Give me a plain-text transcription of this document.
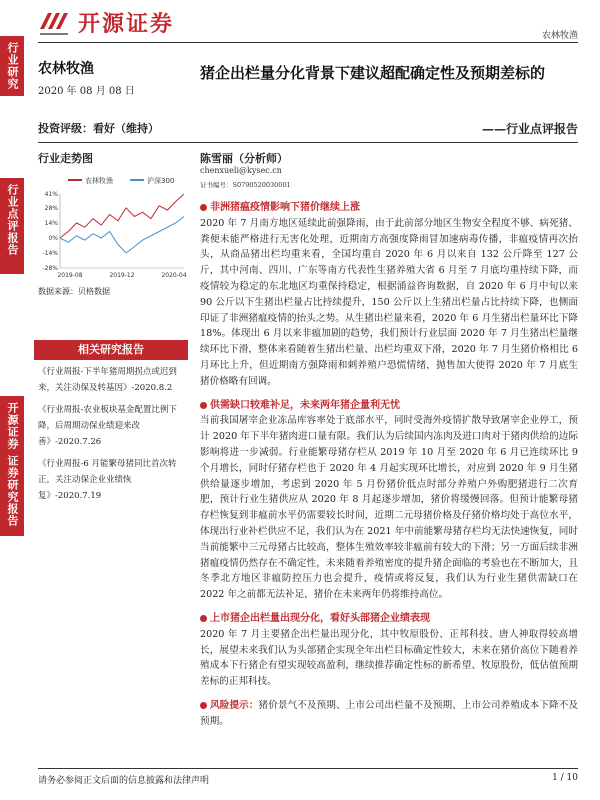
行业研究
行业点评报告
开源证券 证券研究报告
开源证券	农林牧渔
农林牧渔
2020 年 08 月 08 日
投资评级：看好（维持）
行业走势图
农林牧渔	沪深300
41%
28%
14%
0%
-14%
-28%
2019-08	2019-12	2020-04
数据来源：贝格数据
相关研究报告

《行业周报-下半年猪周期拐点或迟到来，关注动保及转基因》-2020.8.2

《行业周报-农业板块基金配置比例下降，后周期动保业绩迎来改善》-2020.7.26

《行业周报-6 月能繁母猪同比首次转正，关注动保企业业绩恢复》-2020.7.19

猪企出栏量分化背景下建议超配确定性及预期差标的
——行业点评报告
陈雪丽（分析师）
chenxueli@kysec.cn
证书编号：S0790520030001
非洲猪瘟疫情影响下猪价继续上涨

2020 年 7 月南方地区延续此前强降雨，由于此前部分地区生物安全程度不够、病死猪、粪便未能严格进行无害化处理，近期南方高强度降雨冒加速病毒传播，非瘟疫情再次抬头，从商品猪出栏均重来看，全国均重自 2020 年 6 月以来自 132 公斤降至 127 公斤，其中河南、四川、广东等南方代表性生猪养殖大省 6 月至 7 月底均重持续下降，而疫情较为稳定的东北地区均重保持稳定，根据涌益咨询数据，自 2020 年 6 月中旬以来 90 公斤以下生猪出栏量占比持续提升，150 公斤以上生猪出栏量占比持续下降，也侧面印证了非洲猪瘟疫情的抬头之势。从生猪出栏量来看，2020 年 6 月生猪出栏量环比下降 18%。体现出 6 月以来非瘟加剧的趋势，我们预计行业层面 2020 年 7 月生猪出栏量继续环比下滑，整体来看随着生猪出栏量、出栏均重双下滑，2020 年 7 月生猪价格相比 6 月环比上升，但近期南方强降雨和刺养殖户恐慌情绪，抛售加大使得 2020 年 7 月底生猪价格略有回调。

供需缺口较难补足，未来两年猪企量利无忧

当前我国屠宰企业冻品库容率处于底部水平，同时受海外疫情扩散导致屠宰企业停工，预计 2020 年下半年猪肉进口量有限。我们认为后续国内冻肉及进口肉对于猪肉供给的边际影响将进一步减弱。行业能繁母猪存栏从 2019 年 10 月至 2020 年 6 月已连续环比 9 个月增长，同时仔猪存栏也于 2020 年 4 月起实现环比增长，对应到 2020 年 9 月生猪供给量逐步增加，考虑到 2020 年 5 月份猪价低点时部分养殖户外购肥猪进行二次育肥，预计行业生猪供应从 2020 年 8 月起逐步增加，猪价将缓慢回落。但预计能繁母猪存栏恢复到非瘟前水平仍需要较长时间，近期二元母猪价格及仔猪价格均处于高位水平，体现出行业补栏供应不足，我们认为在 2021 年中前能繁母猪存栏均无法快速恢复，同时当前能繁中三元母猪占比较高，整体生殖效率较非瘟前有较大的下滑；另一方面后续非洲猪瘟疫情仍然存在不确定性，未来随着养殖密度的提升猪企面临的考验也在不断加大，且冬季北方地区非瘟防控压力也会提升，疫情或将反复，我们认为行业生猪供需缺口在 2022 年之前都无法补足，猪价在未来两年仍将维持高位。

上市猪企出栏量出现分化，看好头部猪企业绩表现

2020 年 7 月主要猪企出栏量出现分化，其中牧原股份、正邦科技、唐人神取得较高增长，展望未来我们认为头部猪企实现全年出栏目标确定性较大，未来在猪价高位下随着养殖成本下行猪企有望实现较高盈利，继续推荐确定性标的新希望、牧原股份，低估值预期差标的正邦科技。

风险提示：猪价景气不及预期、上市公司出栏量不及预期、上市公司养殖成本下降不及预期。

请务必参阅正文后面的信息披露和法律声明	1 / 10
